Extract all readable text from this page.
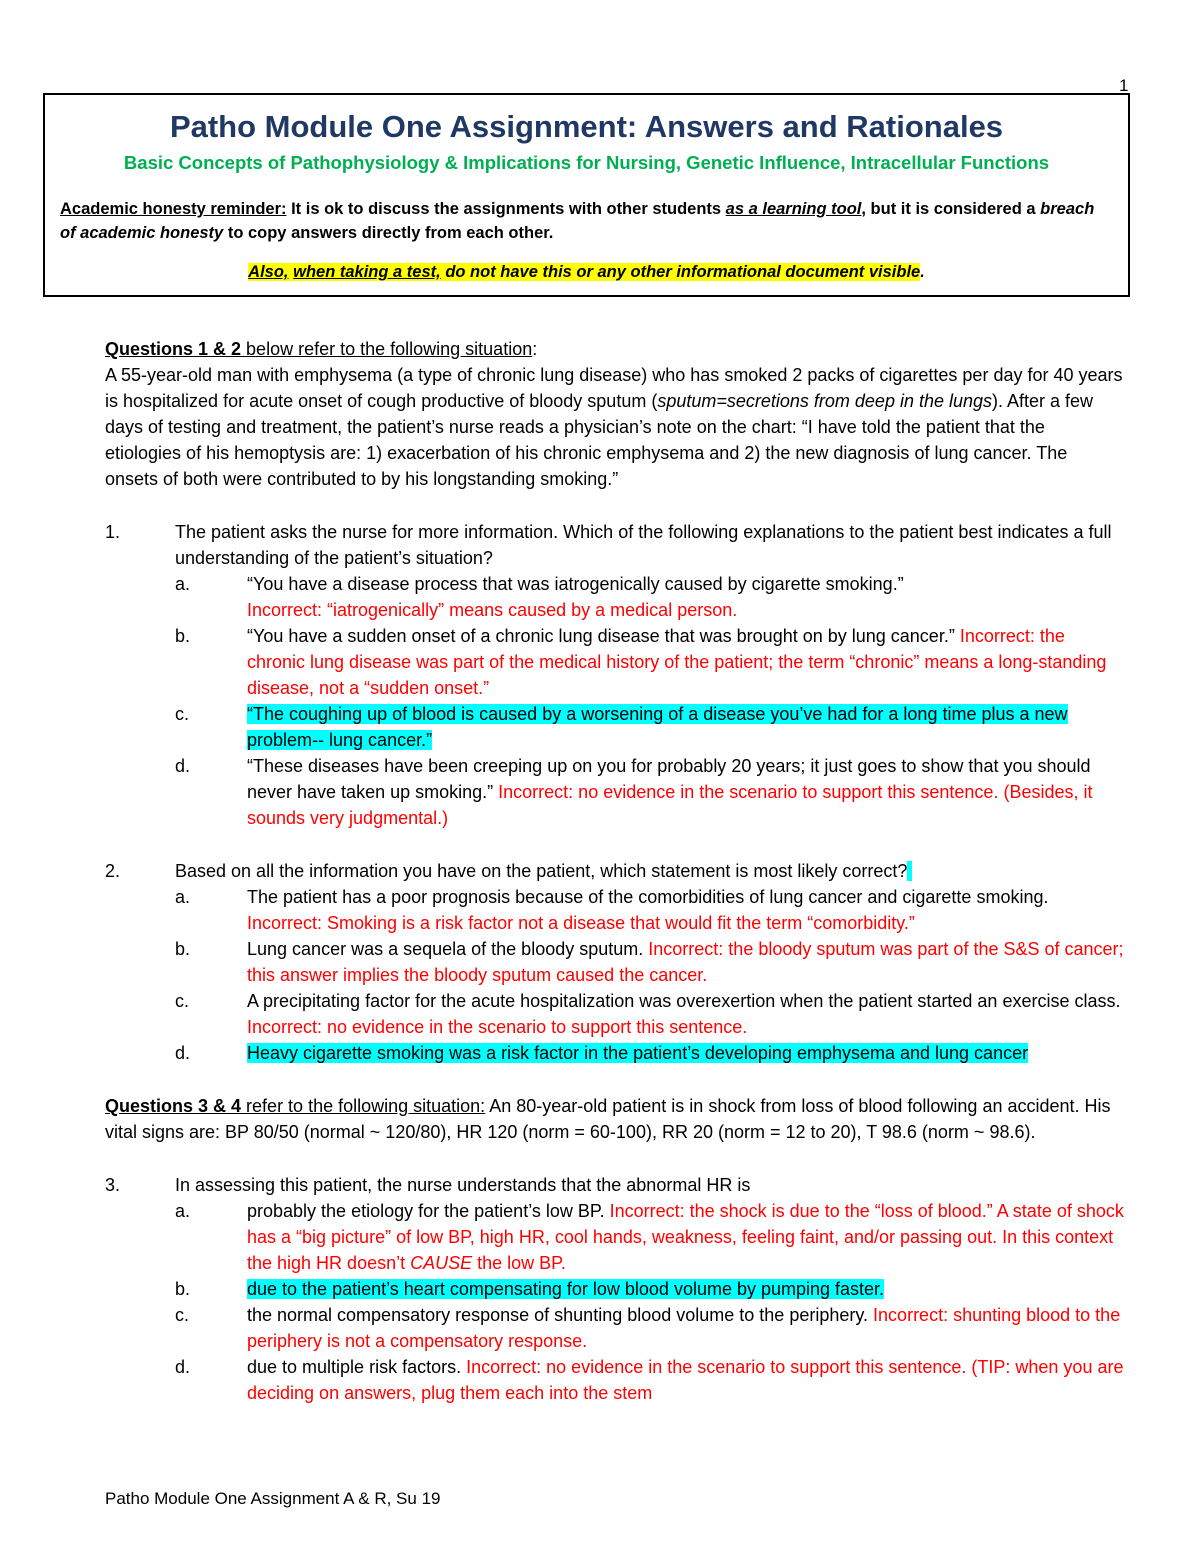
1
Patho Module One Assignment: Answers and Rationales
Basic Concepts of Pathophysiology & Implications for Nursing, Genetic Influence, Intracellular Functions
Academic honesty reminder: It is ok to discuss the assignments with other students as a learning tool, but it is considered a breach of academic honesty to copy answers directly from each other.
Also, when taking a test, do not have this or any other informational document visible.

Questions 1 & 2 below refer to the following situation:

A 55-year-old man with emphysema (a type of chronic lung disease) who has smoked 2 packs of cigarettes per day for 40 years is hospitalized for acute onset of cough productive of bloody sputum (sputum=secretions from deep in the lungs). After a few days of testing and treatment, the patient’s nurse reads a physician’s note on the chart: “I have told the patient that the etiologies of his hemoptysis are: 1) exacerbation of his chronic emphysema and 2) the new diagnosis of lung cancer. The onsets of both were contributed to by his longstanding smoking.”

1.	The patient asks the nurse for more information. Which of the following explanations to the patient best indicates a full understanding of the patient’s situation?
a.	“You have a disease process that was iatrogenically caused by cigarette smoking.”
Incorrect: “iatrogenically” means caused by a medical person.
b.	“You have a sudden onset of a chronic lung disease that was brought on by lung cancer.” Incorrect: the chronic lung disease was part of the medical history of the patient; the term “chronic” means a long-standing disease, not a “sudden onset.”
c.	“The coughing up of blood is caused by a worsening of a disease you’ve had for a long time plus a new problem-- lung cancer.”
d.	“These diseases have been creeping up on you for probably 20 years; it just goes to show that you should never have taken up smoking.” Incorrect: no evidence in the scenario to support this sentence. (Besides, it sounds very judgmental.)
2.	Based on all the information you have on the patient, which statement is most likely correct?
a.	The patient has a poor prognosis because of the comorbidities of lung cancer and cigarette smoking.
Incorrect: Smoking is a risk factor not a disease that would fit the term “comorbidity.”
b.	Lung cancer was a sequela of the bloody sputum. Incorrect: the bloody sputum was part of the S&S of cancer; this answer implies the bloody sputum caused the cancer.
c.	A precipitating factor for the acute hospitalization was overexertion when the patient started an exercise class. Incorrect: no evidence in the scenario to support this sentence.
d.	Heavy cigarette smoking was a risk factor in the patient’s developing emphysema and lung cancer

Questions 3 & 4 refer to the following situation: An 80-year-old patient is in shock from loss of blood following an accident. His vital signs are: BP 80/50 (normal ~ 120/80), HR 120 (norm = 60-100), RR 20 (norm = 12 to 20), T 98.6 (norm ~ 98.6).

3.	In assessing this patient, the nurse understands that the abnormal HR is
a.	probably the etiology for the patient’s low BP. Incorrect: the shock is due to the “loss of blood.” A state of shock has a “big picture” of low BP, high HR, cool hands, weakness, feeling faint, and/or passing out. In this context the high HR doesn’t CAUSE the low BP.
b.	due to the patient’s heart compensating for low blood volume by pumping faster.
c.	the normal compensatory response of shunting blood volume to the periphery. Incorrect: shunting blood to the periphery is not a compensatory response.
d.	due to multiple risk factors. Incorrect: no evidence in the scenario to support this sentence. (TIP: when you are deciding on answers, plug them each into the stem
Patho Module One Assignment A & R, Su 19
